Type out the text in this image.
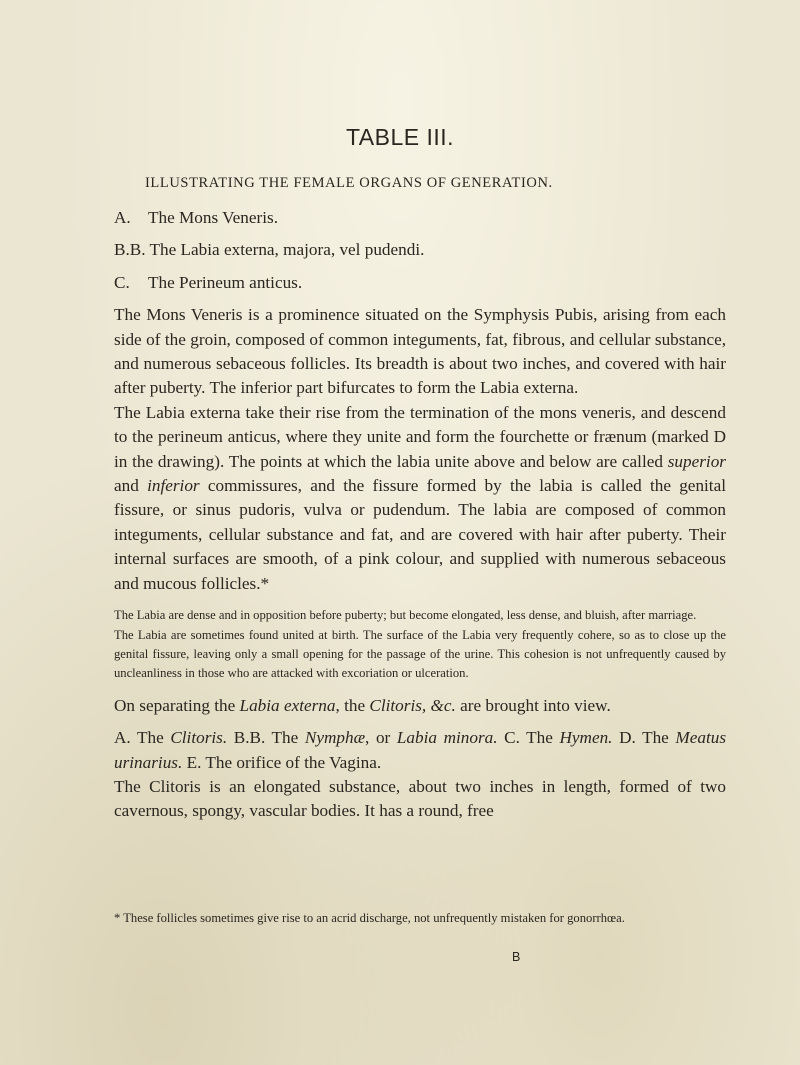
TABLE III.
ILLUSTRATING THE FEMALE ORGANS OF GENERATION.

A. The Mons Veneris.

B.B. The Labia externa, majora, vel pudendi.

C. The Perineum anticus.

The Mons Veneris is a prominence situated on the Symphysis Pubis, arising from each side of the groin, composed of common integuments, fat, fibrous, and cellular substance, and numerous sebaceous follicles. Its breadth is about two inches, and covered with hair after puberty. The inferior part bifurcates to form the Labia externa.

The Labia externa take their rise from the termination of the mons veneris, and descend to the perineum anticus, where they unite and form the fourchette or frænum (marked D in the drawing). The points at which the labia unite above and below are called superior and inferior commissures, and the fissure formed by the labia is called the genital fissure, or sinus pudoris, vulva or pudendum. The labia are composed of common integuments, cellular substance and fat, and are covered with hair after puberty. Their internal surfaces are smooth, of a pink colour, and supplied with numerous sebaceous and mucous follicles.*

The Labia are dense and in opposition before puberty; but become elongated, less dense, and bluish, after marriage.

The Labia are sometimes found united at birth. The surface of the Labia very frequently cohere, so as to close up the genital fissure, leaving only a small opening for the passage of the urine. This cohesion is not unfrequently caused by uncleanliness in those who are attacked with excoriation or ulceration.

On separating the Labia externa, the Clitoris, &c. are brought into view.

A. The Clitoris. B.B. The Nymphæ, or Labia minora. C. The Hymen. D. The Meatus urinarius. E. The orifice of the Vagina.

The Clitoris is an elongated substance, about two inches in length, formed of two cavernous, spongy, vascular bodies. It has a round, free

* These follicles sometimes give rise to an acrid discharge, not unfrequently mistaken for gonorrhœa.
B
